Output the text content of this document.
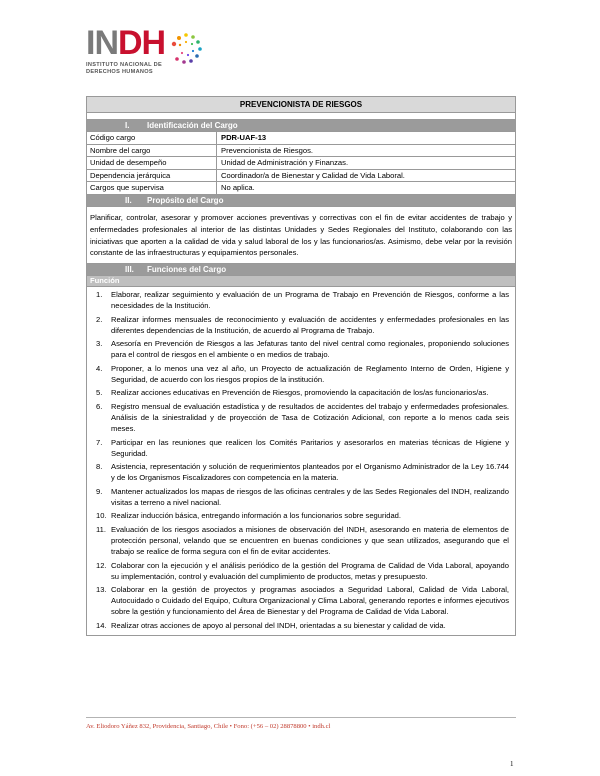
INDH
INSTITUTO NACIONAL DE
DERECHOS HUMANOS
PREVENCIONISTA DE RIESGOS
I. Identificación del Cargo
Código cargo	PDR-UAF-13
Nombre del cargo	Prevencionista de Riesgos.
Unidad de desempeño	Unidad de Administración y Finanzas.
Dependencia jerárquica	Coordinador/a de Bienestar y Calidad de Vida Laboral.
Cargos que supervisa	No aplica.
II. Propósito del Cargo
Planificar, controlar, asesorar y promover acciones preventivas y correctivas con el fin de evitar accidentes de trabajo y enfermedades profesionales al interior de las distintas Unidades y Sedes Regionales del Instituto, colaborando con las iniciativas que aporten a la calidad de vida y salud laboral de los y las funcionarios/as. Asimismo, debe velar por la revisión constante de las infraestructuras y equipamientos personales.
III. Funciones del Cargo
Función
1. Elaborar, realizar seguimiento y evaluación de un Programa de Trabajo en Prevención de Riesgos, conforme a las necesidades de la Institución.
2. Realizar informes mensuales de reconocimiento y evaluación de accidentes y enfermedades profesionales en las diferentes dependencias de la Institución, de acuerdo al Programa de Trabajo.
3. Asesoría en Prevención de Riesgos a las Jefaturas tanto del nivel central como regionales, proponiendo soluciones para el control de riesgos en el ambiente o en medios de trabajo.
4. Proponer, a lo menos una vez al año, un Proyecto de actualización de Reglamento Interno de Orden, Higiene y Seguridad, de acuerdo con los riesgos propios de la institución.
5. Realizar acciones educativas en Prevención de Riesgos, promoviendo la capacitación de los/as funcionarios/as.
6. Registro mensual de evaluación estadística y de resultados de accidentes del trabajo y enfermedades profesionales. Análisis de la siniestralidad y de proyección de Tasa de Cotización Adicional, con reporte a lo menos cada seis meses.
7. Participar en las reuniones que realicen los Comités Paritarios y asesorarlos en materias técnicas de Higiene y Seguridad.
8. Asistencia, representación y solución de requerimientos planteados por el Organismo Administrador de la Ley 16.744 y de los Organismos Fiscalizadores con competencia en la materia.
9. Mantener actualizados los mapas de riesgos de las oficinas centrales y de las Sedes Regionales del INDH, realizando visitas a terreno a nivel nacional.
10. Realizar inducción básica, entregando información a los funcionarios sobre seguridad.
11. Evaluación de los riesgos asociados a misiones de observación del INDH, asesorando en materia de elementos de protección personal, velando que se encuentren en buenas condiciones y que sean utilizados, asegurando que el trabajo se realice de forma segura con el fin de evitar accidentes.
12. Colaborar con la ejecución y el análisis periódico de la gestión del Programa de Calidad de Vida Laboral, apoyando su implementación, control y evaluación del cumplimiento de productos, metas y presupuesto.
13. Colaborar en la gestión de proyectos y programas asociados a Seguridad Laboral, Calidad de Vida Laboral, Autocuidado o Cuidado del Equipo, Cultura Organizacional y Clima Laboral, generando reportes e informes ejecutivos sobre la gestión y funcionamiento del Área de Bienestar y del Programa de Calidad de Vida Laboral.
14. Realizar otras acciones de apoyo al personal del INDH, orientadas a su bienestar y calidad de vida.
Av. Eliodoro Yáñez 832, Providencia, Santiago, Chile • Fono: (+56 – 02) 28878800 • indh.cl
1
